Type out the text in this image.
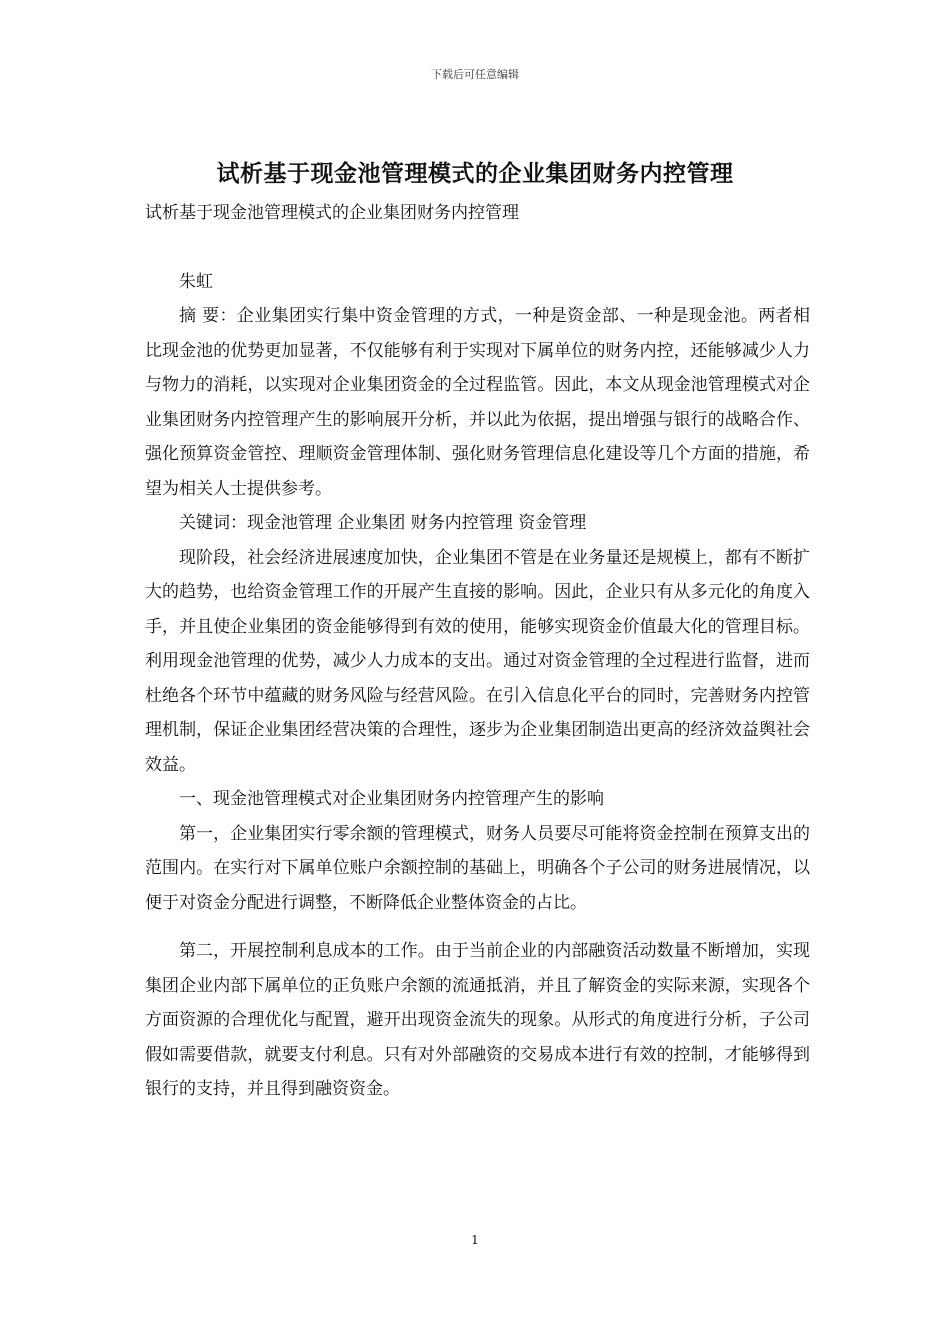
下载后可任意编辑
试析基于现金池管理模式的企业集团财务内控管理

试析基于现金池管理模式的企业集团财务内控管理

朱虹

摘 要：企业集团实行集中资金管理的方式，一种是资金部、一种是现金池。两者相比现金池的优势更加显著，不仅能够有利于实现对下属单位的财务内控，还能够减少人力与物力的消耗，以实现对企业集团资金的全过程监管。因此，本文从现金池管理模式对企业集团财务内控管理产生的影响展开分析，并以此为依据，提出增强与银行的战略合作、强化预算资金管控、理顺资金管理体制、强化财务管理信息化建设等几个方面的措施，希望为相关人士提供参考。

关键词：现金池管理 企业集团 财务内控管理 资金管理

现阶段，社会经济进展速度加快，企业集团不管是在业务量还是规模上，都有不断扩大的趋势，也给资金管理工作的开展产生直接的影响。因此，企业只有从多元化的角度入手，并且使企业集团的资金能够得到有效的使用，能够实现资金价值最大化的管理目标。利用现金池管理的优势，减少人力成本的支出。通过对资金管理的全过程进行监督，进而杜绝各个环节中蕴藏的财务风险与经营风险。在引入信息化平台的同时，完善财务内控管理机制，保证企业集团经营决策的合理性，逐步为企业集团制造出更高的经济效益舆社会效益。

一、现金池管理模式对企业集团财务内控管理产生的影响

第一，企业集团实行零余额的管理模式，财务人员要尽可能将资金控制在预算支出的范围内。在实行对下属单位账户余额控制的基础上，明确各个子公司的财务进展情况，以便于对资金分配进行调整，不断降低企业整体资金的占比。

第二，开展控制利息成本的工作。由于当前企业的内部融资活动数量不断增加，实现集团企业内部下属单位的正负账户余额的流通抵消，并且了解资金的实际来源，实现各个方面资源的合理优化与配置，避开出现资金流失的现象。从形式的角度进行分析，子公司假如需要借款，就要支付利息。只有对外部融资的交易成本进行有效的控制，才能够得到银行的支持，并且得到融资资金。

1
